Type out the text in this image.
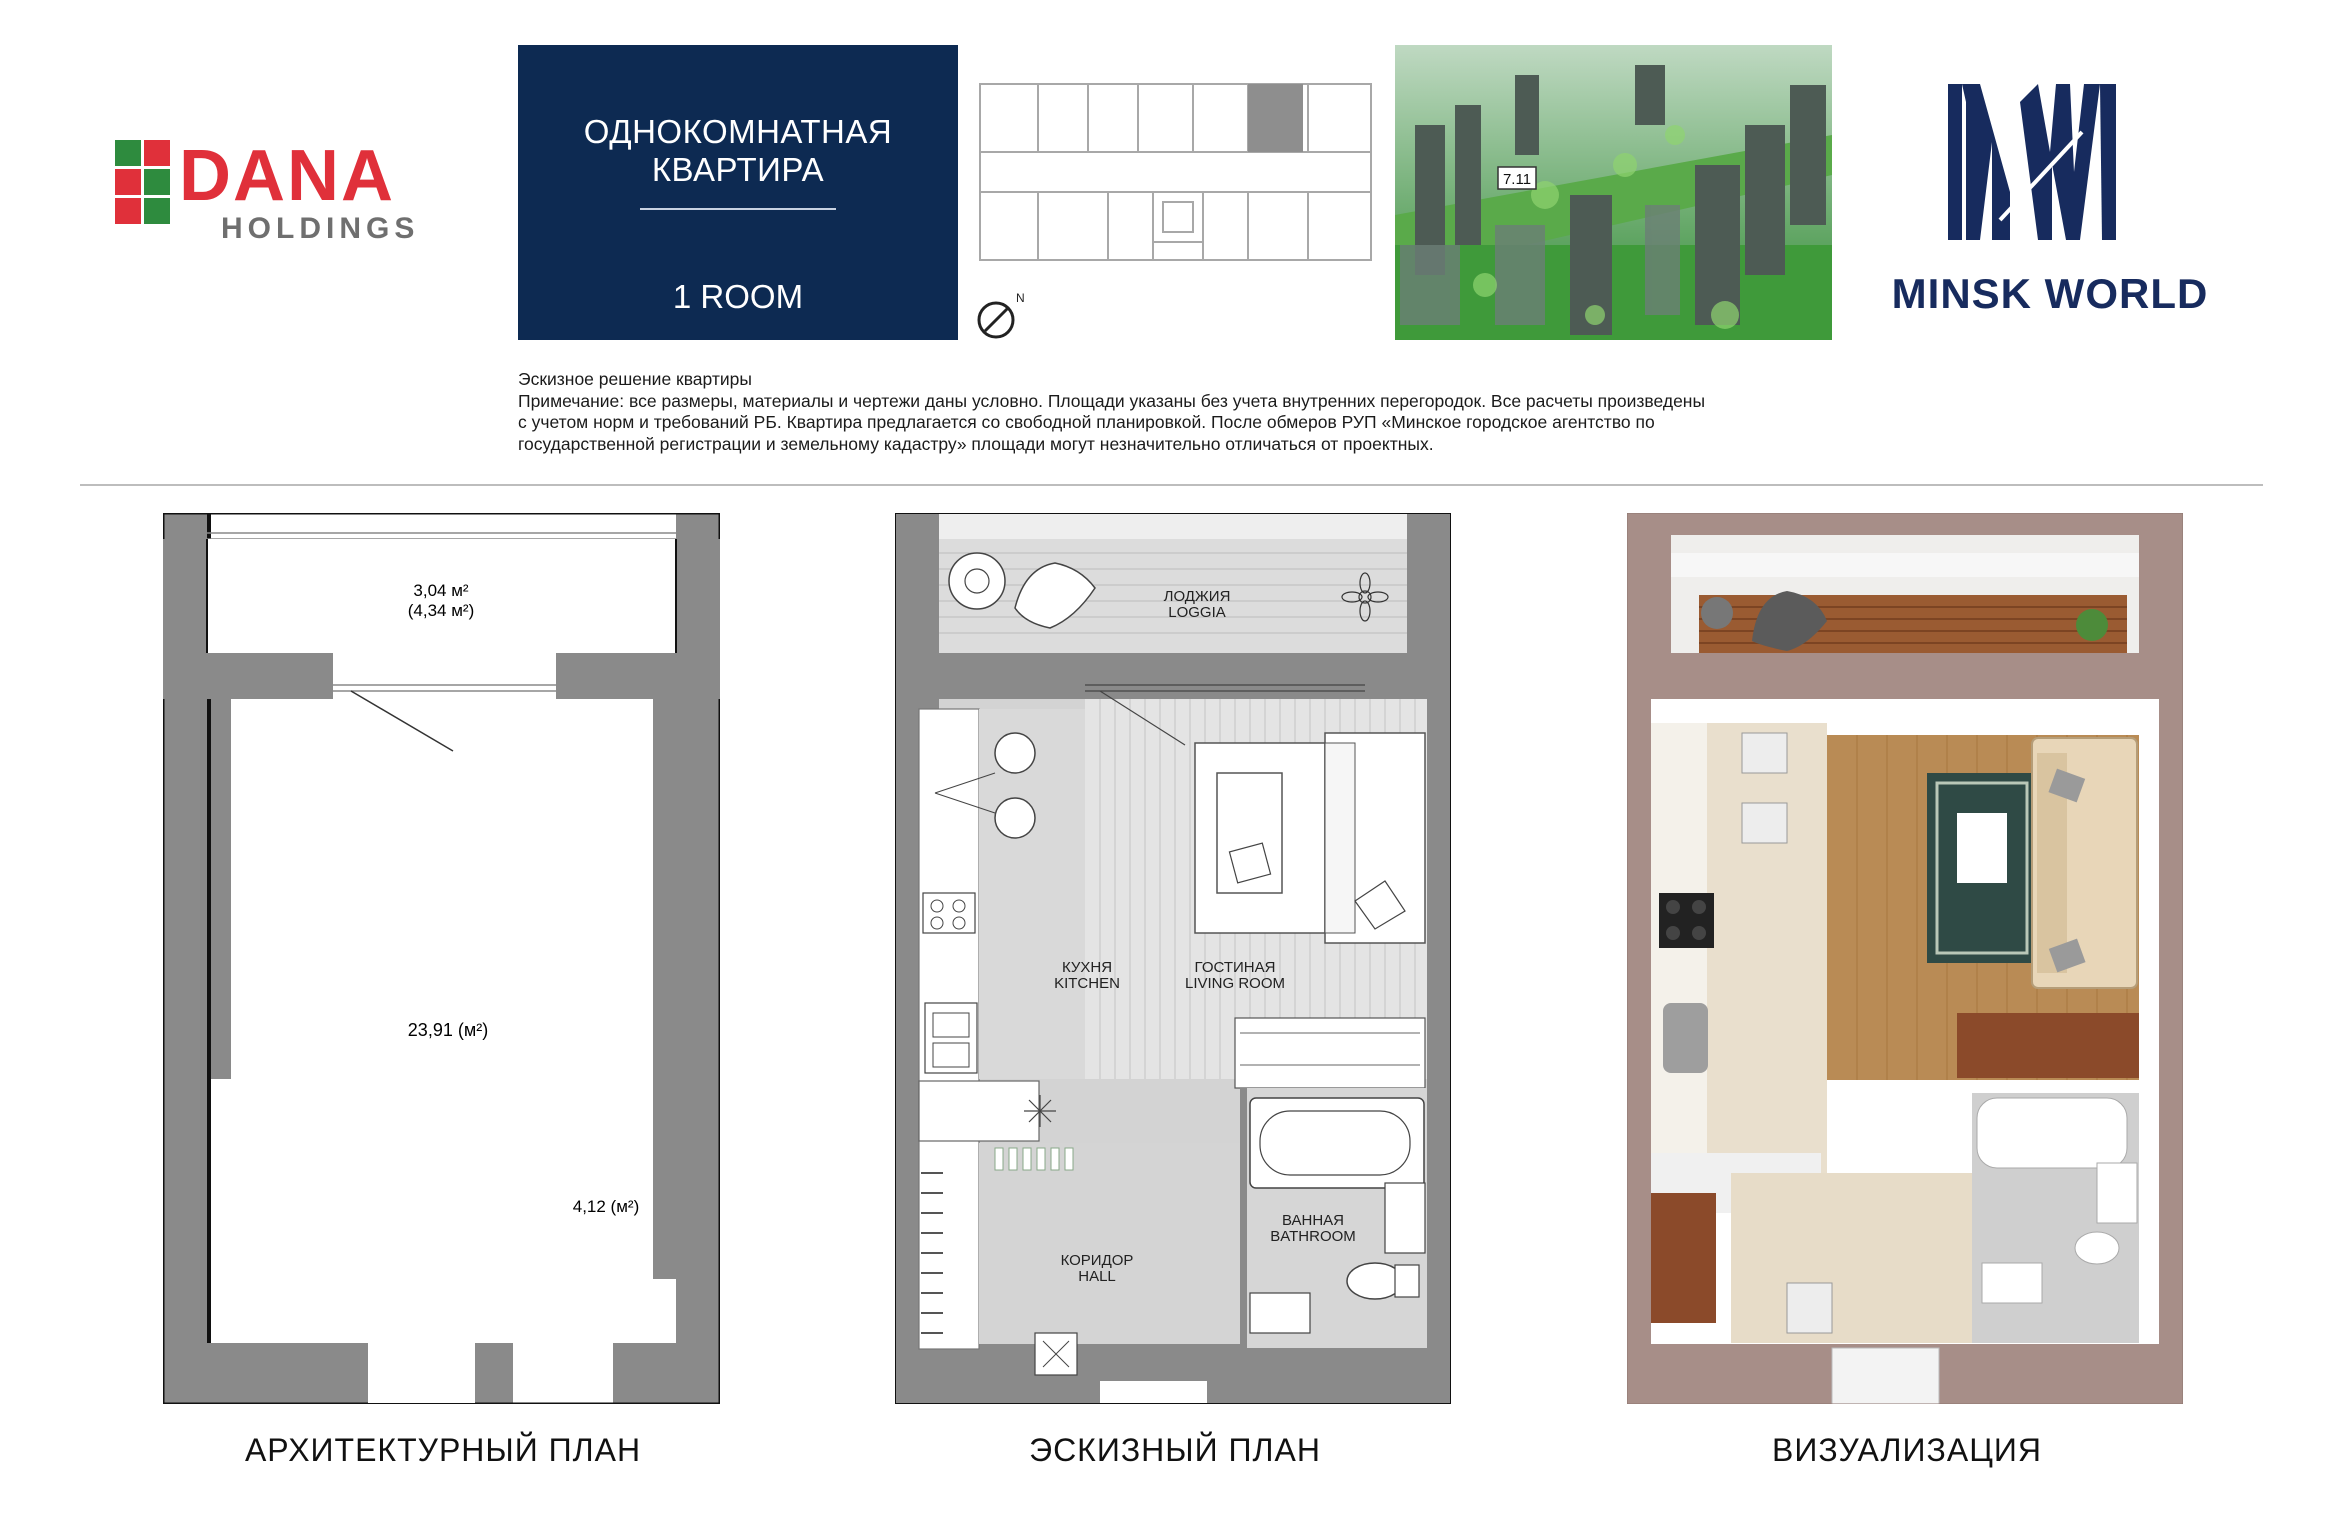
DANA
HOLDINGS
ОДНОКОМНАТНАЯ
КВАРТИРА
1 ROOM	N
7.11
MINSK WORLD
Эскизное решение квартиры
Примечание: все размеры, материалы и чертежи даны условно. Площади указаны без учета внутренних перегородок. Все расчеты произведены
с учетом норм и требований РБ. Квартира предлагается со свободной планировкой. После обмеров РУП «Минское городское агентство по
государственной регистрации и земельному кадастру» площади могут незначительно отличаться от проектных.
3,04 м²
(4,34 м²)
23,91 (м²)
4,12 (м²)
ЛОДЖИЯ
LOGGIA
КУХНЯ
KITCHEN
ГОСТИНАЯ
LIVING ROOM
ВАННАЯ
BATHROOM
КОРИДОР
HALL
АРХИТЕКТУРНЫЙ ПЛАН	ЭСКИЗНЫЙ ПЛАН	ВИЗУАЛИЗАЦИЯ
